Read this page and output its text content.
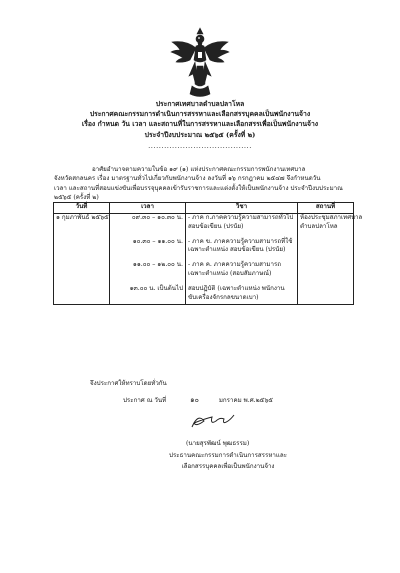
ประกาศเทศบาลตำบลปลาโหล
ประกาศคณะกรรมการดำเนินการสรรหาและเลือกสรรบุคคลเป็นพนักงานจ้าง
เรื่อง กำหนด วัน เวลา และสถานที่ในการสรรหาและเลือกสรรเพื่อเป็นพนักงานจ้าง
ประจำปีงบประมาณ ๒๕๖๕ (ครั้งที่ ๒)
.......................................

อาศัยอำนาจตามความในข้อ ๑๙ (๑) แห่งประกาศคณะกรรมการพนักงานเทศบาล

จังหวัดสกลนคร เรื่อง มาตรฐานทั่วไปเกี่ยวกับพนักงานจ้าง ลงวันที่ ๑๖ กรกฎาคม ๒๕๔๗ จึงกำหนดวัน

เวลา และสถานที่สอบแข่งขันเพื่อบรรจุบุคคลเข้ารับราชการและแต่งตั้งให้เป็นพนักงานจ้าง ประจำปีงบประมาณ

๒๕๖๕ (ครั้งที่ ๒)

วันที่	เวลา	วิชา	สถานที่

๑ กุมภาพันธ์ ๒๕๖๕	๐๙.๓๐ – ๑๐.๓๐ น.	- ภาค ก.ภาคความรู้ความสามารถทั่วไป
สอบข้อเขียน (ปรนัย)	ห้องประชุมสภาเทศบาล
ตำบลปลาโหล

	๑๐.๓๐ – ๑๑.๐๐ น.	- ภาค ข. ภาคความรู้ความสามารถที่ใช้
เฉพาะตำแหน่ง สอบข้อเขียน (ปรนัย)	

	๑๑.๐๐ – ๑๒.๐๐ น.	- ภาค ค. ภาคความรู้ความสามารถ
เฉพาะตำแหน่ง (สอบสัมภาษณ์)	

	๑๓.๐๐ น. เป็นต้นไป	สอบปฏิบัติ (เฉพาะตำแหน่ง พนักงาน
ขับเครื่องจักรกลขนาดเบา)	

จึงประกาศให้ทราบโดยทั่วกัน
ประกาศ ณ วันที่	๑๐	มกราคม พ.ศ.๒๕๖๕
(นายสุรพัฒน์ พุฒธรรม)
ประธานคณะกรรมการดำเนินการสรรหาและ
เลือกสรรบุคคลเพื่อเป็นพนักงานจ้าง
